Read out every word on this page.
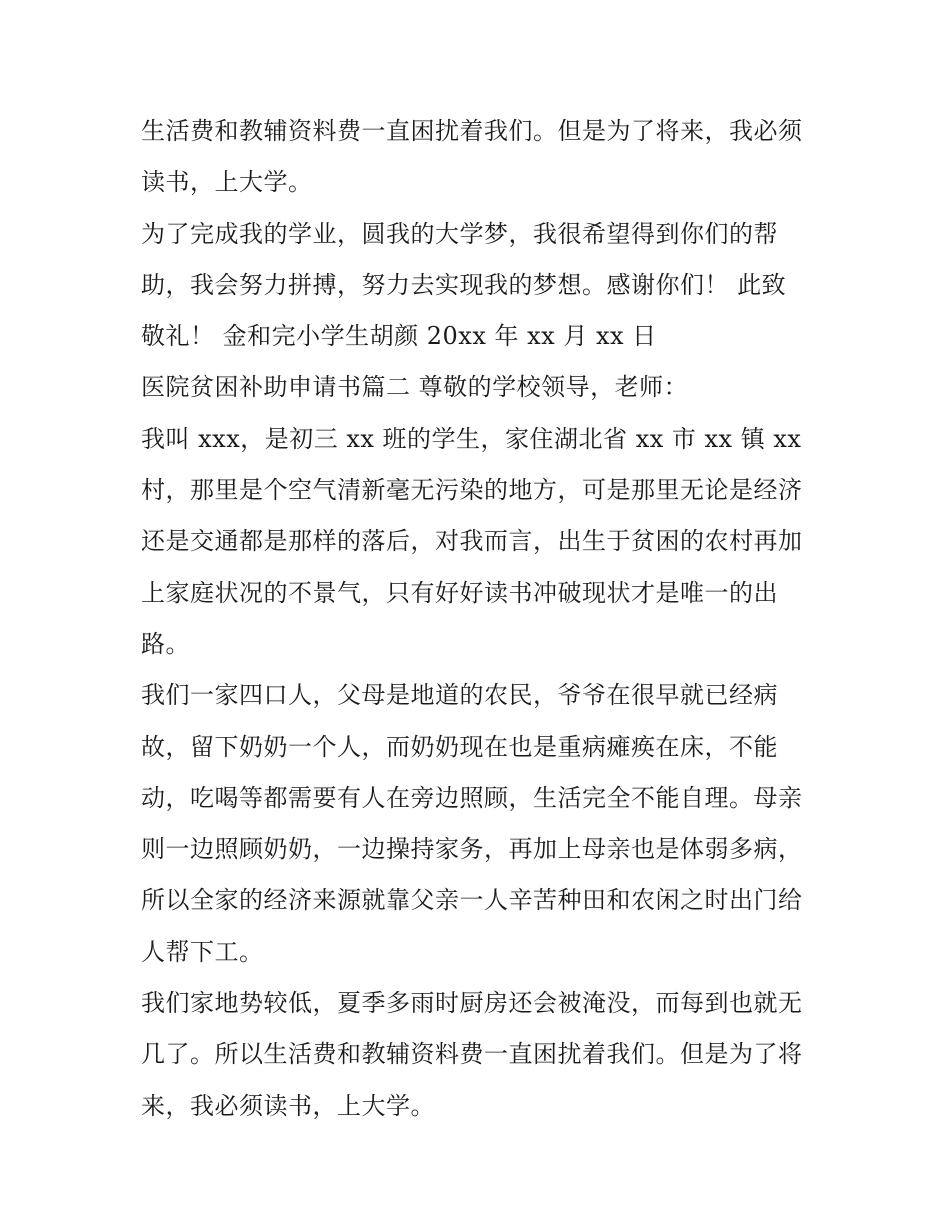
生活费和教辅资料费一直困扰着我们。但是为了将来，我必须
读书，上大学。
为了完成我的学业，圆我的大学梦，我很希望得到你们的帮
助，我会努力拼搏，努力去实现我的梦想。感谢你们！ 此致
敬礼！ 金和完小学生胡颜 20xx 年 xx 月 xx 日
医院贫困补助申请书篇二 尊敬的学校领导，老师：
我叫 xxx，是初三 xx 班的学生，家住湖北省 xx 市 xx 镇 xx
村，那里是个空气清新毫无污染的地方，可是那里无论是经济
还是交通都是那样的落后，对我而言，出生于贫困的农村再加
上家庭状况的不景气，只有好好读书冲破现状才是唯一的出
路。
我们一家四口人，父母是地道的农民，爷爷在很早就已经病
故，留下奶奶一个人，而奶奶现在也是重病瘫痪在床，不能
动，吃喝等都需要有人在旁边照顾，生活完全不能自理。母亲
则一边照顾奶奶，一边操持家务，再加上母亲也是体弱多病，
所以全家的经济来源就靠父亲一人辛苦种田和农闲之时出门给
人帮下工。
我们家地势较低，夏季多雨时厨房还会被淹没，而每到也就无
几了。所以生活费和教辅资料费一直困扰着我们。但是为了将
来，我必须读书，上大学。
